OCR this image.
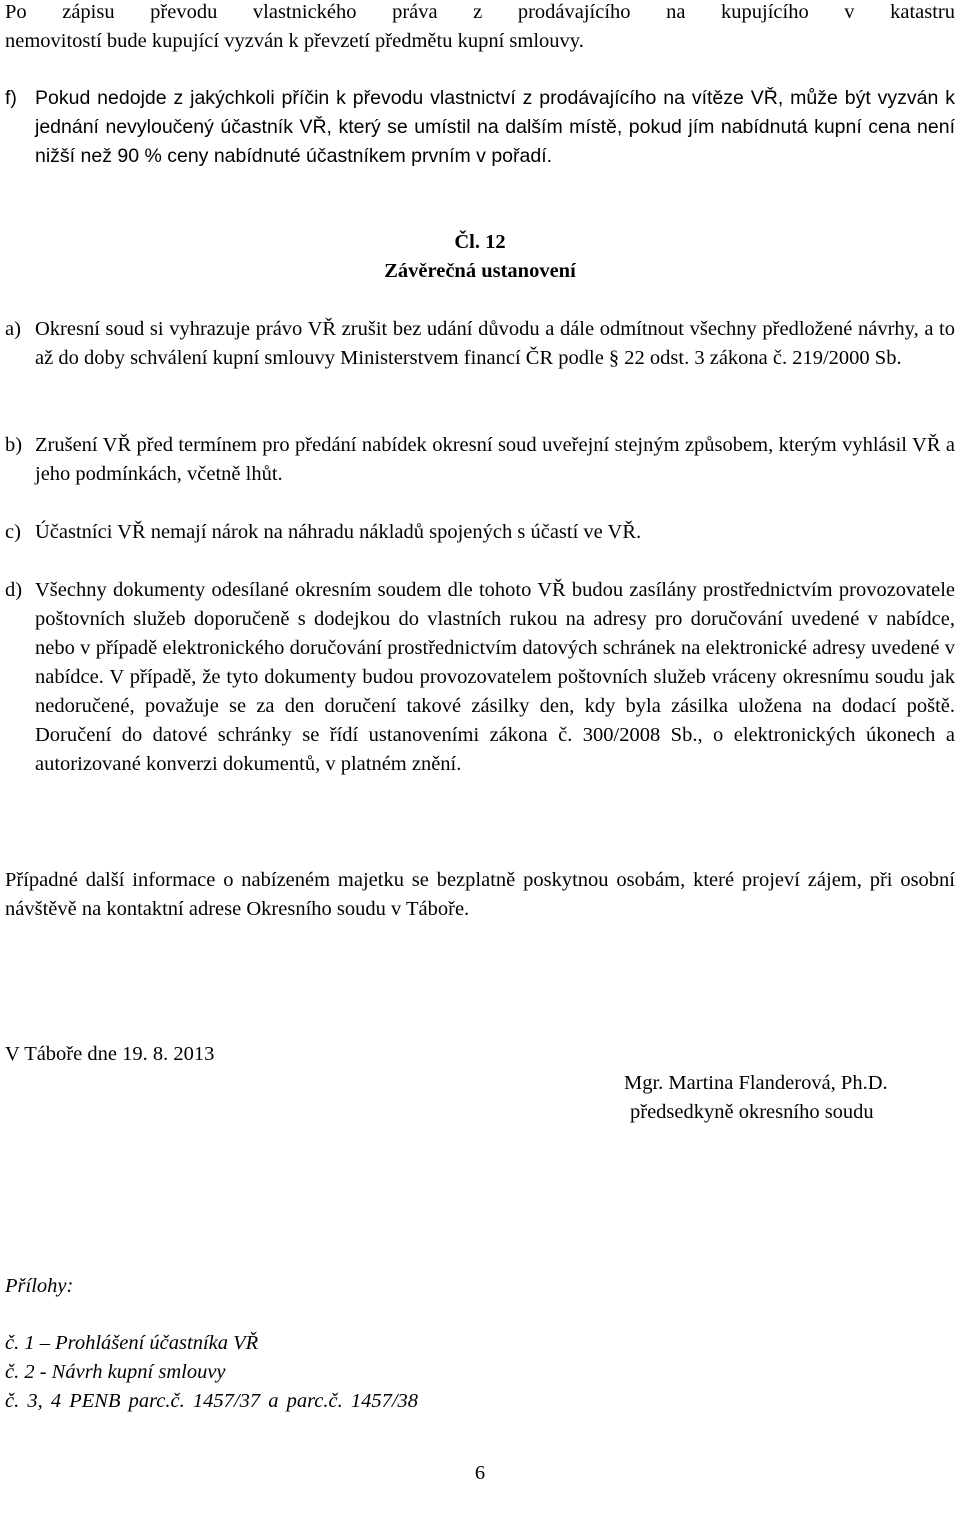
Po zápisu převodu vlastnického práva z prodávajícího na kupujícího v katastru
nemovitostí bude kupující vyzván k převzetí předmětu kupní smlouvy.
f) Pokud nedojde z jakýchkoli příčin k převodu vlastnictví z prodávajícího na vítěze VŘ, může být vyzván k jednání nevyloučený účastník VŘ, který se umístil na dalším místě, pokud jím nabídnutá kupní cena není nižší než 90 % ceny nabídnuté účastníkem prvním v pořadí.
Čl. 12
Závěrečná ustanovení
a) Okresní soud si vyhrazuje právo VŘ zrušit bez udání důvodu a dále odmítnout všechny předložené návrhy, a to až do doby schválení kupní smlouvy Ministerstvem financí ČR podle § 22 odst. 3 zákona č. 219/2000 Sb.
b) Zrušení VŘ před termínem pro předání nabídek okresní soud uveřejní stejným způsobem, kterým vyhlásil VŘ a jeho podmínkách, včetně lhůt.
c) Účastníci VŘ nemají nárok na náhradu nákladů spojených s účastí ve VŘ.
d) Všechny dokumenty odesílané okresním soudem dle tohoto VŘ budou zasílány prostřednictvím provozovatele poštovních služeb doporučeně s dodejkou do vlastních rukou na adresy pro doručování uvedené v nabídce, nebo v případě elektronického doručování prostřednictvím datových schránek na elektronické adresy uvedené v nabídce. V případě, že tyto dokumenty budou provozovatelem poštovních služeb vráceny okresnímu soudu jak nedoručené, považuje se za den doručení takové zásilky den, kdy byla zásilka uložena na dodací poště. Doručení do datové schránky se řídí ustanoveními zákona č. 300/2008 Sb., o elektronických úkonech a autorizované konverzi dokumentů, v platném znění.
Případné další informace o nabízeném majetku se bezplatně poskytnou osobám, které projeví zájem, při osobní návštěvě na kontaktní adrese Okresního soudu v Táboře.
V Táboře dne 19. 8. 2013
Mgr. Martina Flanderová, Ph.D.
předsedkyně okresního soudu
Přílohy:
č. 1 – Prohlášení účastníka VŘ
č. 2 - Návrh kupní smlouvy
č. 3, 4 PENB parc.č. 1457/37 a parc.č. 1457/38
6
